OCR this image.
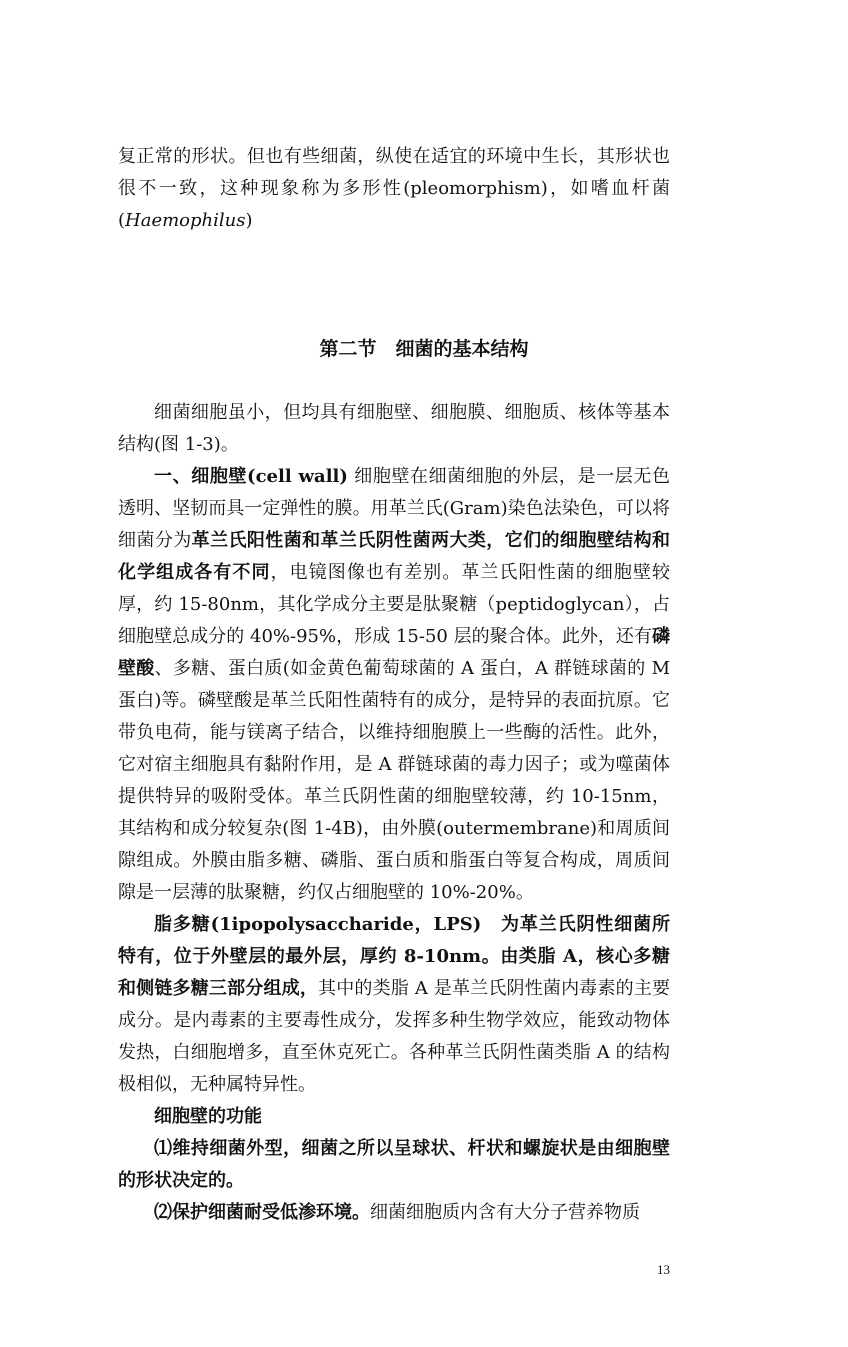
复正常的形状。但也有些细菌，纵使在适宜的环境中生长，其形状也很不一致，这种现象称为多形性(pleomorphism)，如嗜血杆菌(Haemophilus)

第二节　细菌的基本结构

细菌细胞虽小，但均具有细胞壁、细胞膜、细胞质、核体等基本结构(图 1-3)。

一、细胞壁(cell wall) 细胞壁在细菌细胞的外层，是一层无色透明、坚韧而具一定弹性的膜。用革兰氏(Gram)染色法染色，可以将细菌分为革兰氏阳性菌和革兰氏阴性菌两大类，它们的细胞壁结构和化学组成各有不同，电镜图像也有差别。革兰氏阳性菌的细胞壁较厚，约 15-80nm，其化学成分主要是肽聚糖（peptidoglycan），占细胞壁总成分的 40%-95%，形成 15-50 层的聚合体。此外，还有磷壁酸、多糖、蛋白质(如金黄色葡萄球菌的 A 蛋白，A 群链球菌的 M 蛋白)等。磷壁酸是革兰氏阳性菌特有的成分，是特异的表面抗原。它带负电荷，能与镁离子结合，以维持细胞膜上一些酶的活性。此外，它对宿主细胞具有黏附作用，是 A 群链球菌的毒力因子；或为噬菌体提供特异的吸附受体。革兰氏阴性菌的细胞壁较薄，约 10-15nm，其结构和成分较复杂(图 1-4B)，由外膜(outermembrane)和周质间隙组成。外膜由脂多糖、磷脂、蛋白质和脂蛋白等复合构成，周质间隙是一层薄的肽聚糖，约仅占细胞壁的 10%-20%。

脂多糖(1ipopolysaccharide，LPS)　为革兰氏阴性细菌所特有，位于外壁层的最外层，厚约 8-10nm。由类脂 A，核心多糖和侧链多糖三部分组成，其中的类脂 A 是革兰氏阴性菌内毒素的主要成分。是内毒素的主要毒性成分，发挥多种生物学效应，能致动物体发热，白细胞增多，直至休克死亡。各种革兰氏阴性菌类脂 A 的结构极相似，无种属特异性。

细胞壁的功能

⑴维持细菌外型，细菌之所以呈球状、杆状和螺旋状是由细胞壁的形状决定的。

⑵保护细菌耐受低渗环境。细菌细胞质内含有大分子营养物质

13
